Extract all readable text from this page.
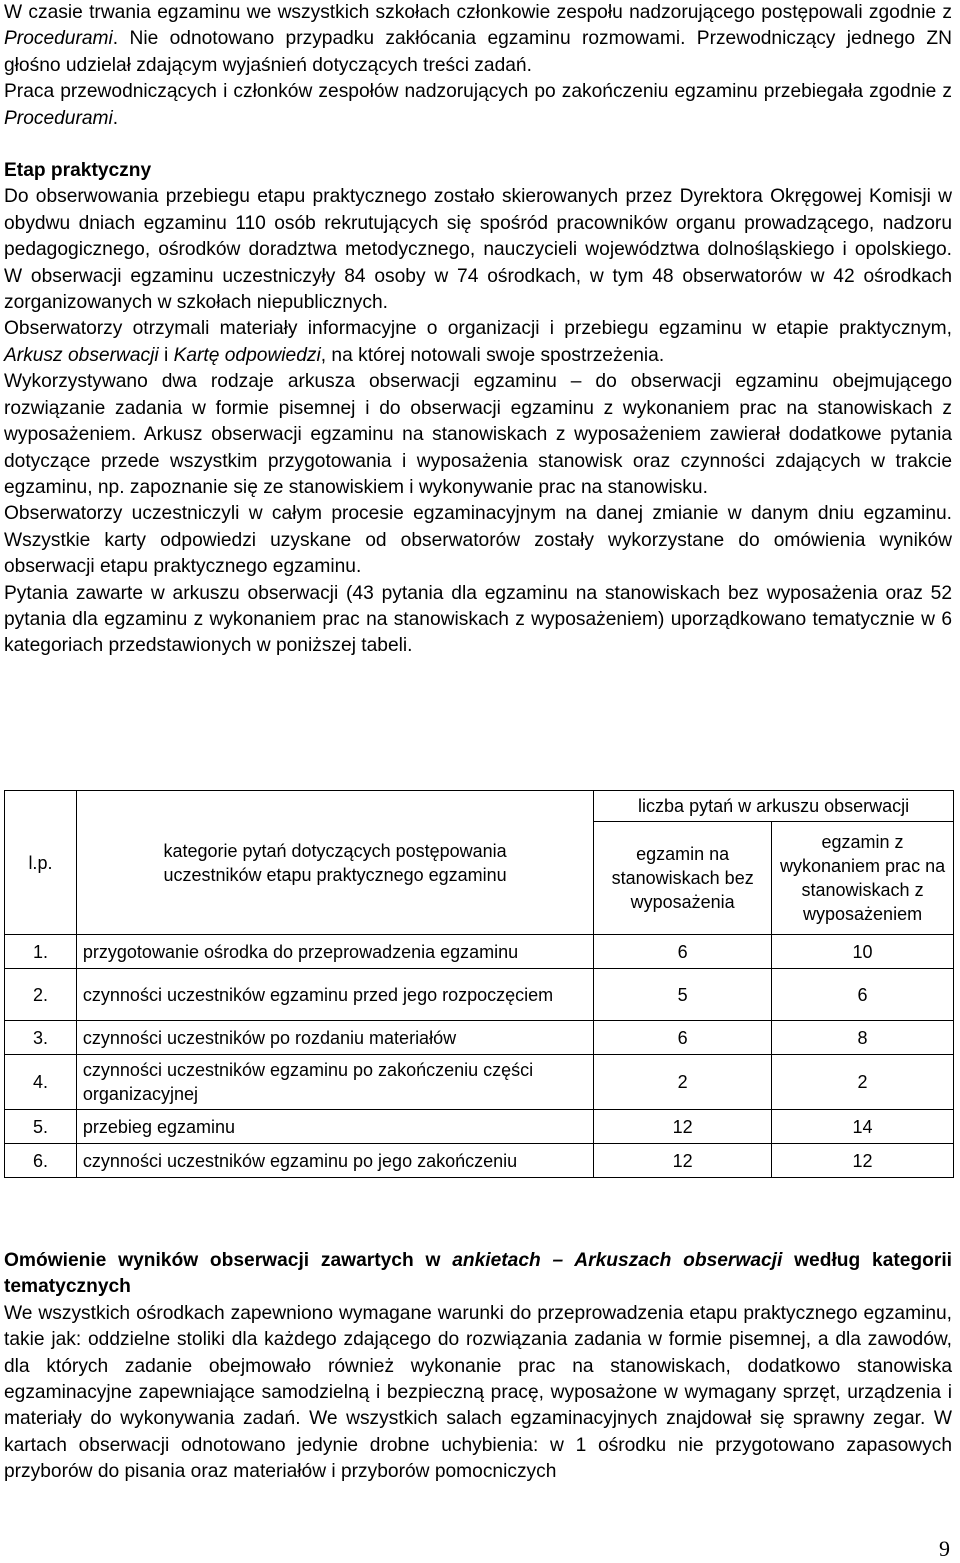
W czasie trwania egzaminu we wszystkich szkołach członkowie zespołu nadzorującego postępowali zgodnie z Procedurami. Nie odnotowano przypadku zakłócania egzaminu rozmowami. Przewodniczący jednego ZN głośno udzielał zdającym wyjaśnień dotyczących treści zadań.

Praca przewodniczących i członków zespołów nadzorujących po zakończeniu egzaminu przebiegała zgodnie z Procedurami.

Etap praktyczny

Do obserwowania przebiegu etapu praktycznego zostało skierowanych przez Dyrektora Okręgowej Komisji w obydwu dniach egzaminu 110 osób rekrutujących się spośród pracowników organu prowadzącego, nadzoru pedagogicznego, ośrodków doradztwa metodycznego, nauczycieli województwa dolnośląskiego i opolskiego. W obserwacji egzaminu uczestniczyły 84 osoby w 74 ośrodkach, w tym 48 obserwatorów w 42 ośrodkach zorganizowanych w szkołach niepublicznych.

Obserwatorzy otrzymali materiały informacyjne o organizacji i przebiegu egzaminu w etapie praktycznym, Arkusz obserwacji i Kartę odpowiedzi, na której notowali swoje spostrzeżenia.

Wykorzystywano dwa rodzaje arkusza obserwacji egzaminu – do obserwacji egzaminu obejmującego rozwiązanie zadania w formie pisemnej i do obserwacji egzaminu z wykonaniem prac na stanowiskach z wyposażeniem. Arkusz obserwacji egzaminu na stanowiskach z wyposażeniem zawierał dodatkowe pytania dotyczące przede wszystkim przygotowania i wyposażenia stanowisk oraz czynności zdających w trakcie egzaminu, np. zapoznanie się ze stanowiskiem i wykonywanie prac na stanowisku.

Obserwatorzy uczestniczyli w całym procesie egzaminacyjnym na danej zmianie w danym dniu egzaminu. Wszystkie karty odpowiedzi uzyskane od obserwatorów zostały wykorzystane do omówienia wyników obserwacji etapu praktycznego egzaminu.

Pytania zawarte w arkuszu obserwacji (43 pytania dla egzaminu na stanowiskach bez wyposażenia oraz 52 pytania dla egzaminu z wykonaniem prac na stanowiskach z wyposażeniem) uporządkowano tematycznie w 6 kategoriach przedstawionych w poniższej tabeli.

l.p.	kategorie pytań dotyczących postępowania uczestników etapu praktycznego egzaminu	liczba pytań w arkuszu obserwacji	
		egzamin na stanowiskach bez wyposażenia	egzamin z wykonaniem prac na stanowiskach z wyposażeniem
1.	przygotowanie ośrodka do przeprowadzenia egzaminu	6	10
2.	czynności uczestników egzaminu przed jego rozpoczęciem	5	6
3.	czynności uczestników po rozdaniu materiałów	6	8
4.	czynności uczestników egzaminu po zakończeniu części organizacyjnej	2	2
5.	przebieg egzaminu	12	14
6.	czynności uczestników egzaminu po jego zakończeniu	12	12
Omówienie wyników obserwacji zawartych w ankietach – Arkuszach obserwacji według kategorii tematycznych

We wszystkich ośrodkach zapewniono wymagane warunki do przeprowadzenia etapu praktycznego egzaminu, takie jak: oddzielne stoliki dla każdego zdającego do rozwiązania zadania w formie pisemnej, a dla zawodów, dla których zadanie obejmowało również wykonanie prac na stanowiskach, dodatkowo stanowiska egzaminacyjne zapewniające samodzielną i bezpieczną pracę, wyposażone w wymagany sprzęt, urządzenia i materiały do wykonywania zadań. We wszystkich salach egzaminacyjnych znajdował się sprawny zegar. W kartach obserwacji odnotowano jedynie drobne uchybienia: w 1 ośrodku nie przygotowano zapasowych przyborów do pisania oraz materiałów i przyborów pomocniczych

9
